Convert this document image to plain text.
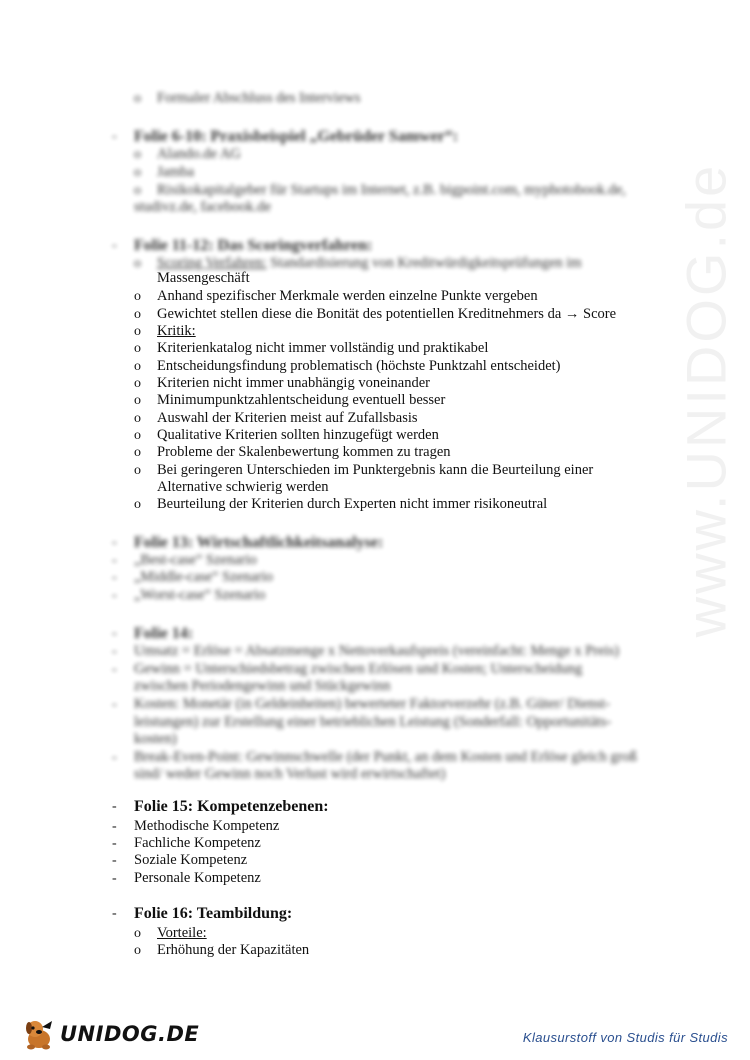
www.UNIDOG.de
o Formaler Abschluss des Interviews
- Folie 6-10: Praxisbeispiel „Gebrüder Samwer“:
o Alando.de AG
o Jamba
o Risikokapitalgeber für Startups im Internet, z.B. bigpoint.com, myphotobook.de,
studivz.de, facebook.de
- Folie 11-12: Das Scoringverfahren:
o Scoring Verfahren: Standardisierung von Kreditwürdigkeitsprüfungen im
Massengeschäft
o Anhand spezifischer Merkmale werden einzelne Punkte vergeben
o Gewichtet stellen diese die Bonität des potentiellen Kreditnehmers da → Score
o Kritik:
o Kriterienkatalog nicht immer vollständig und praktikabel
o Entscheidungsfindung problematisch (höchste Punktzahl entscheidet)
o Kriterien nicht immer unabhängig voneinander
o Minimumpunktzahlentscheidung eventuell besser
o Auswahl der Kriterien meist auf Zufallsbasis
o Qualitative Kriterien sollten hinzugefügt werden
o Probleme der Skalenbewertung kommen zu tragen
o Bei geringeren Unterschieden im Punktergebnis kann die Beurteilung einer
Alternative schwierig werden
o Beurteilung der Kriterien durch Experten nicht immer risikoneutral
- Folie 13: Wirtschaftlichkeitsanalyse:
- „Best-case“ Szenario
- „Middle-case“ Szenario
- „Worst-case“ Szenario
- Folie 14:
- Umsatz = Erlöse = Absatzmenge x Nettoverkaufspreis (vereinfacht: Menge x Preis)
- Gewinn = Unterschiedsbetrag zwischen Erlösen und Kosten; Unterscheidung
zwischen Periodengewinn und Stückgewinn
- Kosten: Monetär (in Geldeinheiten) bewerteter Faktorverzehr (z.B. Güter/ Dienst-
leistungen) zur Erstellung einer betrieblichen Leistung (Sonderfall: Opportunitäts-
kosten)
- Break-Even-Point: Gewinnschwelle (der Punkt, an dem Kosten und Erlöse gleich groß
sind/ weder Gewinn noch Verlust wird erwirtschaftet)
- Folie 15: Kompetenzebenen:
- Methodische Kompetenz
- Fachliche Kompetenz
- Soziale Kompetenz
- Personale Kompetenz
- Folie 16: Teambildung:
o Vorteile:
o Erhöhung der Kapazitäten
UNIDOG.DE	Klausurstoff von Studis für Studis
